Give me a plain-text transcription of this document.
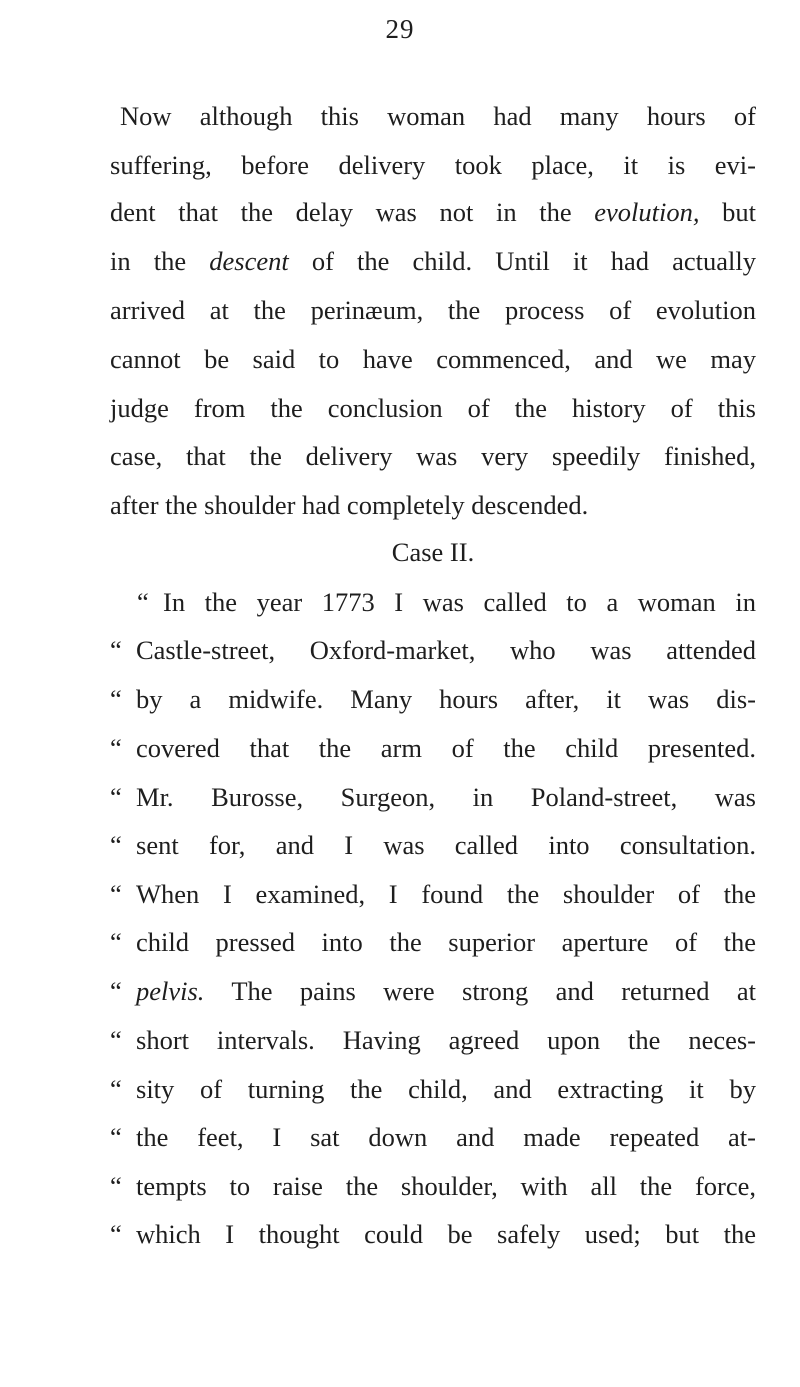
29
Now although this woman had many hours of
suffering, before delivery took place, it is evi-
dent that the delay was not in the evolution, but
in the descent of the child. Until it had actually
arrived at the perinæum, the process of evolution
cannot be said to have commenced, and we may
judge from the conclusion of the history of this
case, that the delivery was very speedily finished,
after the shoulder had completely descended.
Case II.
“ In the year 1773 I was called to a woman in
“ Castle-street, Oxford-market, who was attended
“ by a midwife. Many hours after, it was dis-
“ covered that the arm of the child presented.
“ Mr. Burosse, Surgeon, in Poland-street, was
“ sent for, and I was called into consultation.
“ When I examined, I found the shoulder of the
“ child pressed into the superior aperture of the
“ pelvis. The pains were strong and returned at
“ short intervals. Having agreed upon the neces-
“ sity of turning the child, and extracting it by
“ the feet, I sat down and made repeated at-
“ tempts to raise the shoulder, with all the force,
“ which I thought could be safely used; but the
